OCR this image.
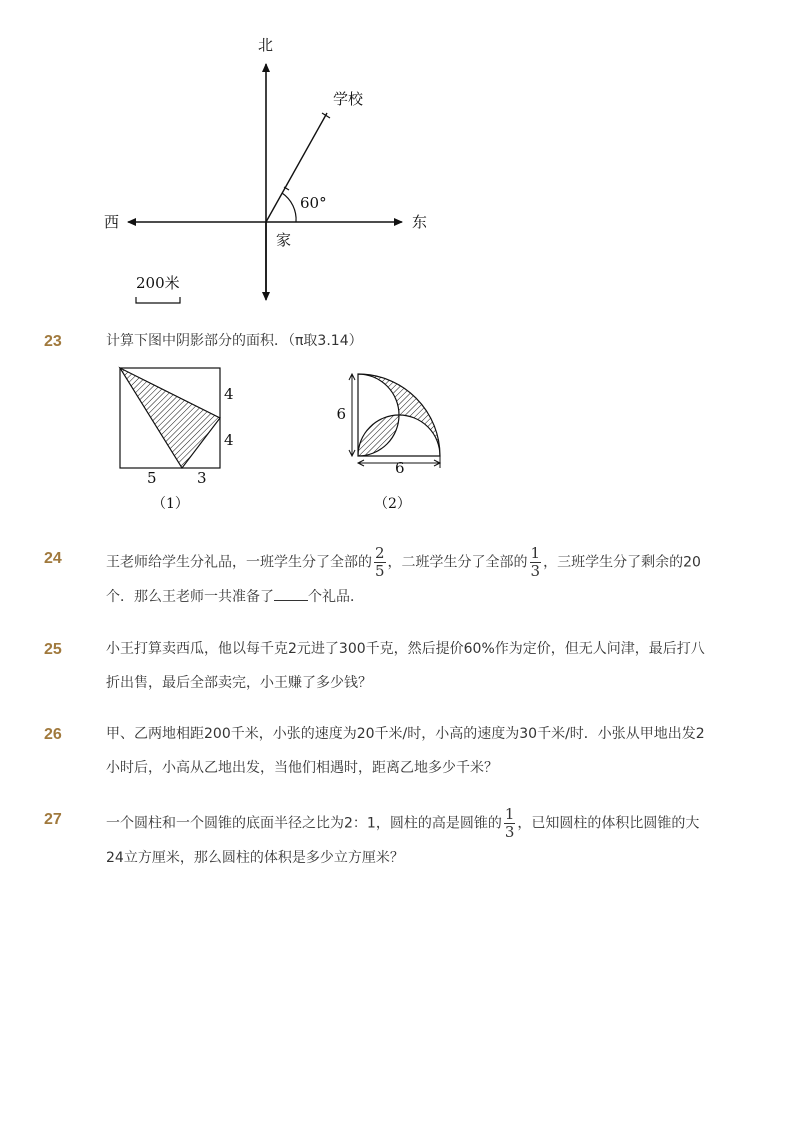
北
学校
60°
西	东
家
200米
23	计算下图中阴影部分的面积．（π取3.14）
4
4
5	3
（1）
6
6
（2）
24	王老师给学生分礼品，一班学生分了全部的 $\frac{2}{5}$ ，二班学生分了全部的 $\frac{1}{3}$ ，三班学生分了剩余的20
个．那么王老师一共准备了 个礼品．
25	小王打算卖西瓜，他以每千克2元进了300千克，然后提价60%作为定价，但无人问津，最后打八
折出售，最后全部卖完，小王赚了多少钱？
26	甲、乙两地相距200千米，小张的速度为20千米/时，小高的速度为30千米/时．小张从甲地出发2
小时后，小高从乙地出发，当他们相遇时，距离乙地多少千米？
27	一个圆柱和一个圆锥的底面半径之比为2：1，圆柱的高是圆锥的 $\frac{1}{3}$ ，已知圆柱的体积比圆锥的大
24立方厘米，那么圆柱的体积是多少立方厘米？
